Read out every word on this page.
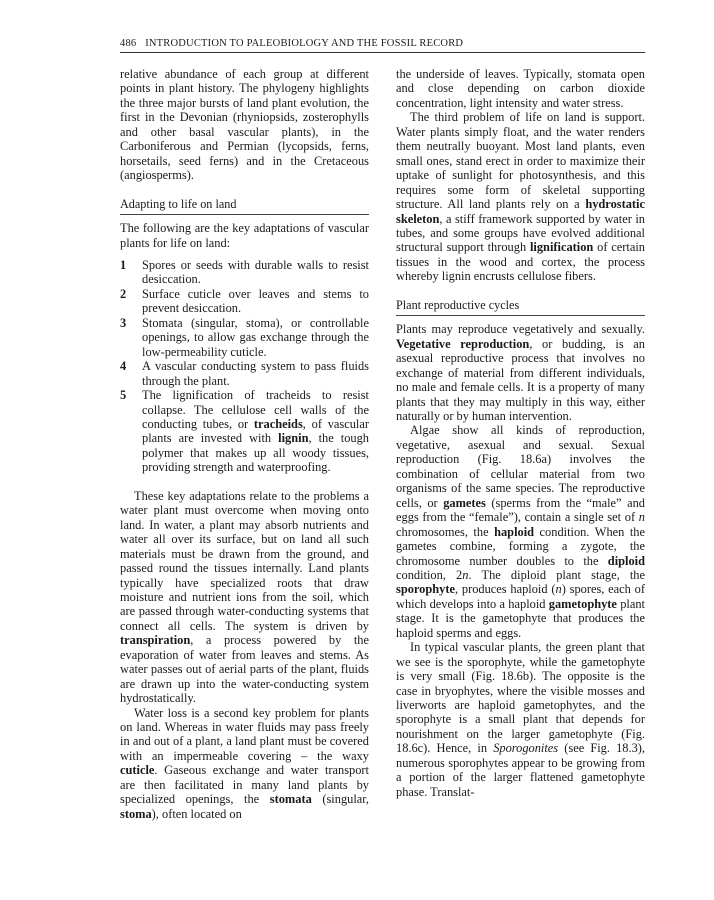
486 INTRODUCTION TO PALEOBIOLOGY AND THE FOSSIL RECORD

relative abundance of each group at different points in plant history. The phylogeny highlights the three major bursts of land plant evolution, the first in the Devonian (rhyniopsids, zosterophylls and other basal vascular plants), in the Carboniferous and Permian (lycopsids, ferns, horsetails, seed ferns) and in the Cretaceous (angiosperms).

Adapting to life on land

The following are the key adaptations of vascular plants for life on land:

1 Spores or seeds with durable walls to resist desiccation.
2 Surface cuticle over leaves and stems to prevent desiccation.
3 Stomata (singular, stoma), or controllable openings, to allow gas exchange through the low-permeability cuticle.
4 A vascular conducting system to pass fluids through the plant.
5 The lignification of tracheids to resist collapse. The cellulose cell walls of the conducting tubes, or tracheids, of vascular plants are invested with lignin, the tough polymer that makes up all woody tissues, providing strength and waterproofing.

These key adaptations relate to the problems a water plant must overcome when moving onto land. In water, a plant may absorb nutrients and water all over its surface, but on land all such materials must be drawn from the ground, and passed round the tissues internally. Land plants typically have specialized roots that draw moisture and nutrient ions from the soil, which are passed through water-conducting systems that connect all cells. The system is driven by transpiration, a process powered by the evaporation of water from leaves and stems. As water passes out of aerial parts of the plant, fluids are drawn up into the water-conducting system hydrostatically.

Water loss is a second key problem for plants on land. Whereas in water fluids may pass freely in and out of a plant, a land plant must be covered with an impermeable covering – the waxy cuticle. Gaseous exchange and water transport are then facilitated in many land plants by specialized openings, the stomata (singular, stoma), often located on

the underside of leaves. Typically, stomata open and close depending on carbon dioxide concentration, light intensity and water stress.

The third problem of life on land is support. Water plants simply float, and the water renders them neutrally buoyant. Most land plants, even small ones, stand erect in order to maximize their uptake of sunlight for photosynthesis, and this requires some form of skeletal supporting structure. All land plants rely on a hydrostatic skeleton, a stiff framework supported by water in tubes, and some groups have evolved additional structural support through lignification of certain tissues in the wood and cortex, the process whereby lignin encrusts cellulose fibers.

Plant reproductive cycles

Plants may reproduce vegetatively and sexually. Vegetative reproduction, or budding, is an asexual reproductive process that involves no exchange of material from different individuals, no male and female cells. It is a property of many plants that they may multiply in this way, either naturally or by human intervention.

Algae show all kinds of reproduction, vegetative, asexual and sexual. Sexual reproduction (Fig. 18.6a) involves the combination of cellular material from two organisms of the same species. The reproductive cells, or gametes (sperms from the “male” and eggs from the “female”), contain a single set of n chromosomes, the haploid condition. When the gametes combine, forming a zygote, the chromosome number doubles to the diploid condition, 2n. The diploid plant stage, the sporophyte, produces haploid (n) spores, each of which develops into a haploid gametophyte plant stage. It is the gametophyte that produces the haploid sperms and eggs.

In typical vascular plants, the green plant that we see is the sporophyte, while the gametophyte is very small (Fig. 18.6b). The opposite is the case in bryophytes, where the visible mosses and liverworts are haploid gametophytes, and the sporophyte is a small plant that depends for nourishment on the larger gametophyte (Fig. 18.6c). Hence, in Sporogonites (see Fig. 18.3), numerous sporophytes appear to be growing from a portion of the larger flattened gametophyte phase. Translat-
